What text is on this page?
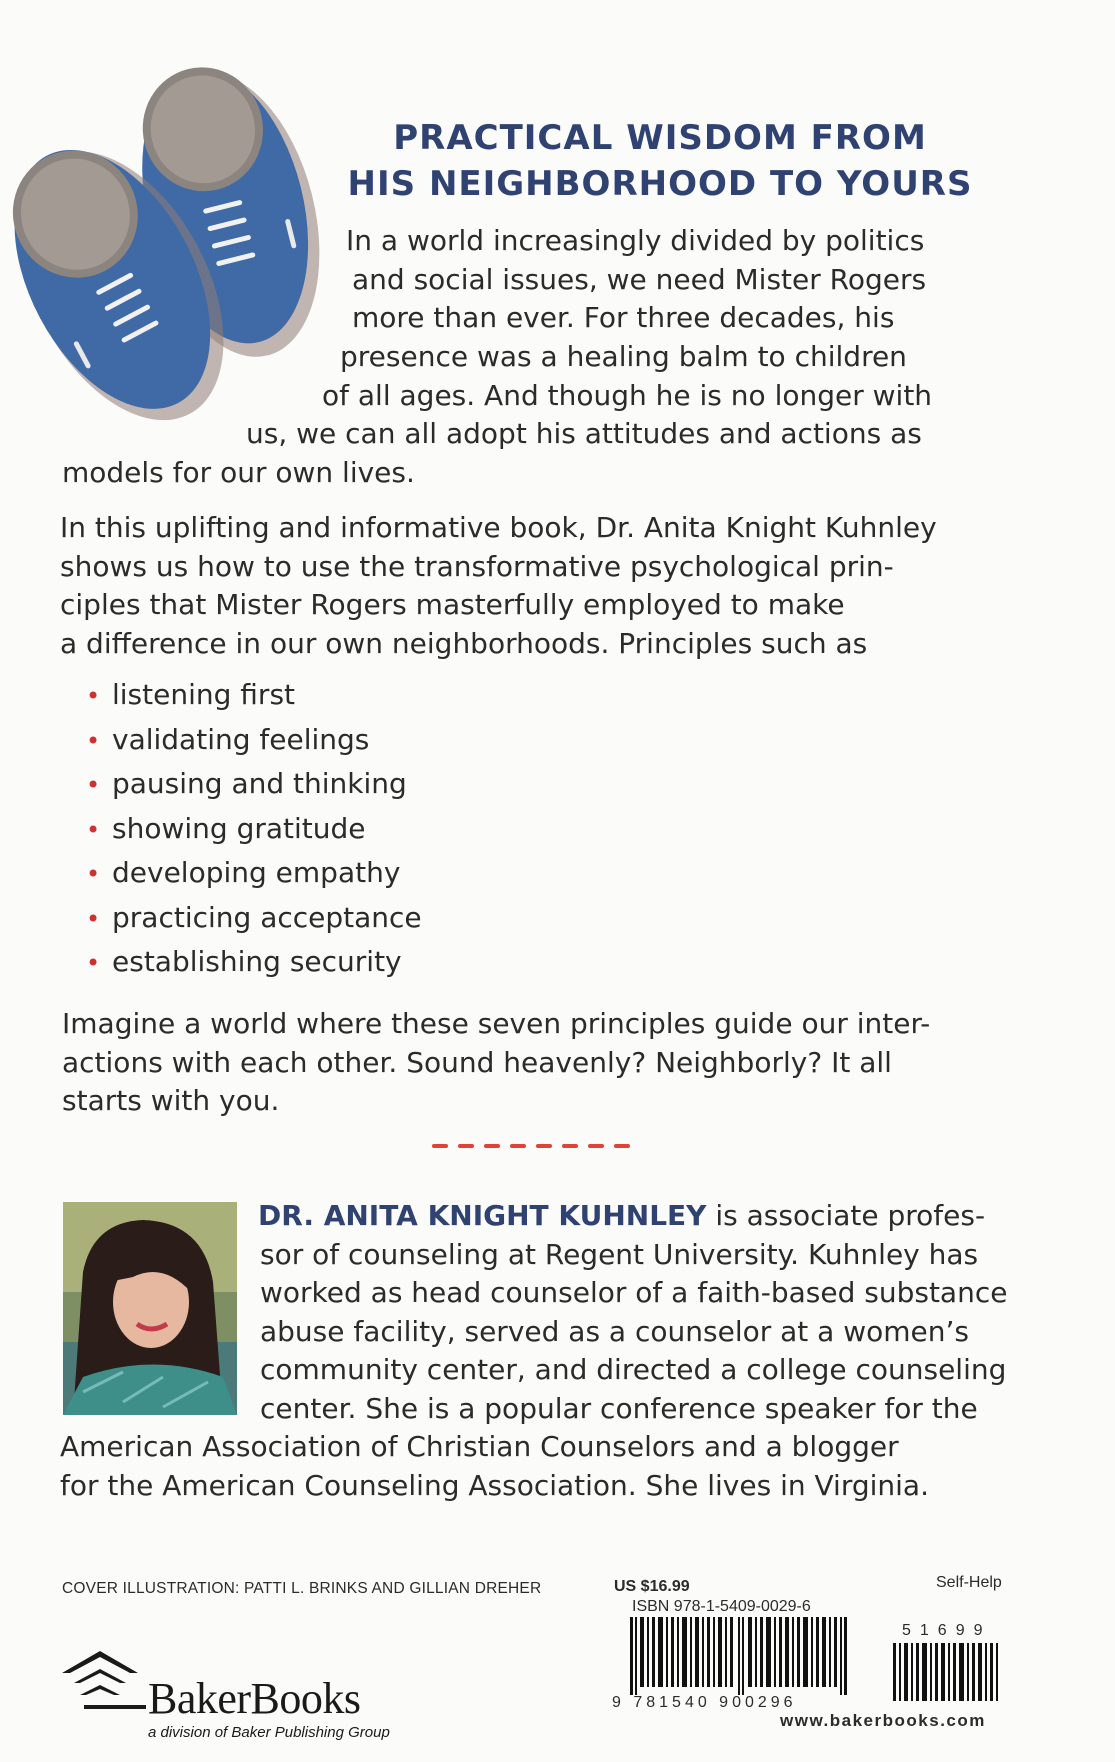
PRACTICAL WISDOM FROM
HIS NEIGHBORHOOD TO YOURS
In a world increasingly divided by politics
and social issues, we need Mister Rogers
more than ever. For three decades, his
presence was a healing balm to children
of all ages. And though he is no longer with
us, we can all adopt his attitudes and actions as
models for our own lives.
In this uplifting and informative book, Dr. Anita Knight Kuhnley
shows us how to use the transformative psychological prin-
ciples that Mister Rogers masterfully employed to make
a difference in our own neighborhoods. Principles such as
• listening first
• validating feelings
• pausing and thinking
• showing gratitude
• developing empathy
• practicing acceptance
• establishing security
Imagine a world where these seven principles guide our inter-
actions with each other. Sound heavenly? Neighborly? It all
starts with you.
DR. ANITA KNIGHT KUHNLEY is associate profes-
sor of counseling at Regent University. Kuhnley has
worked as head counselor of a faith-based substance
abuse facility, served as a counselor at a women’s
community center, and directed a college counseling
center. She is a popular conference speaker for the
American Association of Christian Counselors and a blogger
for the American Counseling Association. She lives in Virginia.
COVER ILLUSTRATION: PATTI L. BRINKS AND GILLIAN DREHER
BakerBooks
a division of Baker Publishing Group
US $16.99
ISBN 978-1-5409-0029-6
Self-Help
9 781540 900296
51699
www.bakerbooks.com
